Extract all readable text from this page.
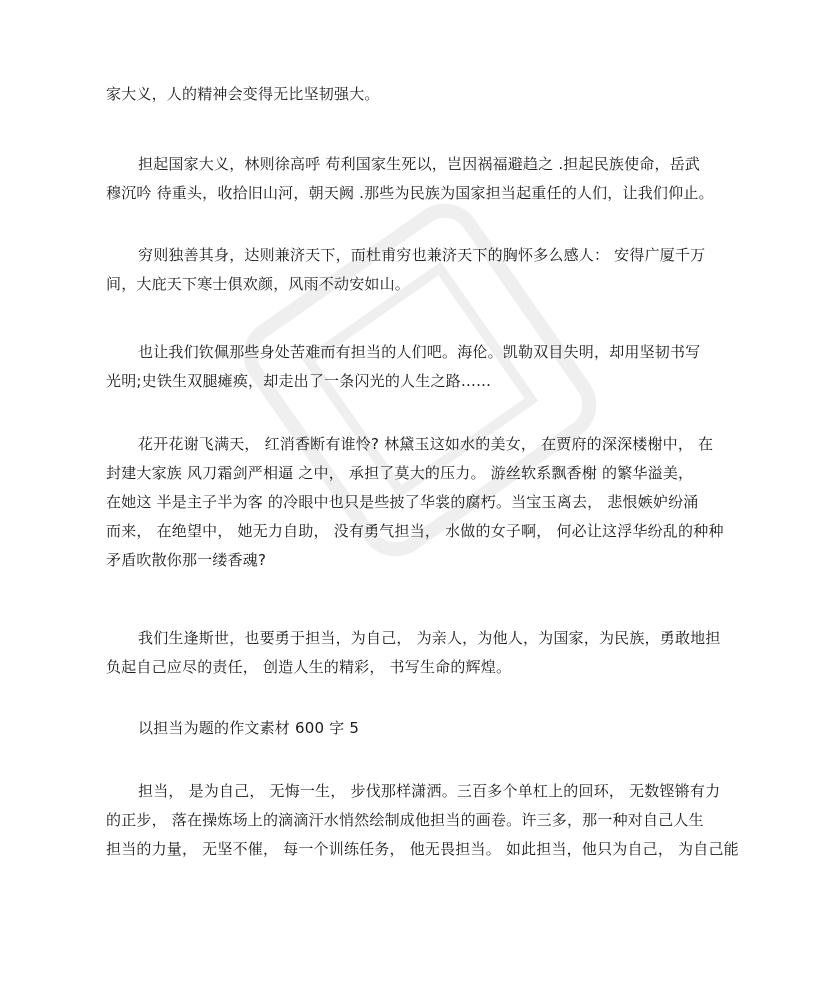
家大义，人的精神会变得无比坚韧强大。

担起国家大义，林则徐高呼 苟利国家生死以，岂因祸福避趋之 .担起民族使命，岳武
穆沉吟 待重头，收拾旧山河，朝天阙 .那些为民族为国家担当起重任的人们，让我们仰止。

穷则独善其身，达则兼济天下，而杜甫穷也兼济天下的胸怀多么感人： 安得广厦千万
间，大庇天下寒士俱欢颜，风雨不动安如山。

也让我们钦佩那些身处苦难而有担当的人们吧。海伦。凯勒双目失明，却用坚韧书写
光明;史铁生双腿瘫痪，却走出了一条闪光的人生之路……

花开花谢飞满天， 红消香断有谁怜? 林黛玉这如水的美女， 在贾府的深深楼榭中， 在
封建大家族 风刀霜剑严相逼 之中， 承担了莫大的压力。 游丝软系飘香榭 的繁华溢美，
在她这 半是主子半为客 的冷眼中也只是些披了华裳的腐朽。当宝玉离去， 悲恨嫉妒纷涌
而来， 在绝望中， 她无力自助， 没有勇气担当， 水做的女子啊， 何必让这浮华纷乱的种种
矛盾吹散你那一缕香魂?

我们生逢斯世，也要勇于担当，为自己， 为亲人，为他人，为国家，为民族，勇敢地担
负起自己应尽的责任， 创造人生的精彩， 书写生命的辉煌。

以担当为题的作文素材 600 字 5

担当， 是为自己， 无悔一生， 步伐那样潇洒。三百多个单杠上的回环， 无数铿锵有力
的正步， 落在操炼场上的滴滴汗水悄然绘制成他担当的画卷。许三多，那一种对自己人生
担当的力量， 无坚不催， 每一个训练任务， 他无畏担当。 如此担当，他只为自己， 为自己能
